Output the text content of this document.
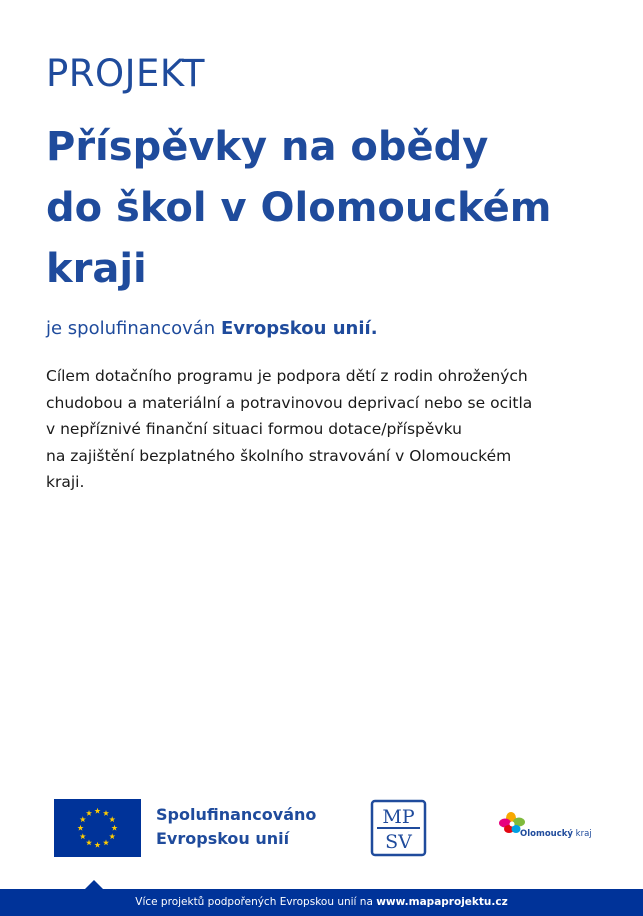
PROJEKT
Příspěvky na obědy
do škol v Olomouckém
kraji
je spolufinancován Evropskou unií.
Cílem dotačního programu je podpora dětí z rodin ohrožených
chudobou a materiální a potravinovou deprivací nebo se ocitla
v nepříznivé finanční situaci formou dotace/příspěvku
na zajištění bezplatného školního stravování v Olomouckém
kraji.
Spolufinancováno
Evropskou unií
MP
SV	Olomoucký kraj
Více projektů podpořených Evropskou unií na www.mapaprojektu.cz
